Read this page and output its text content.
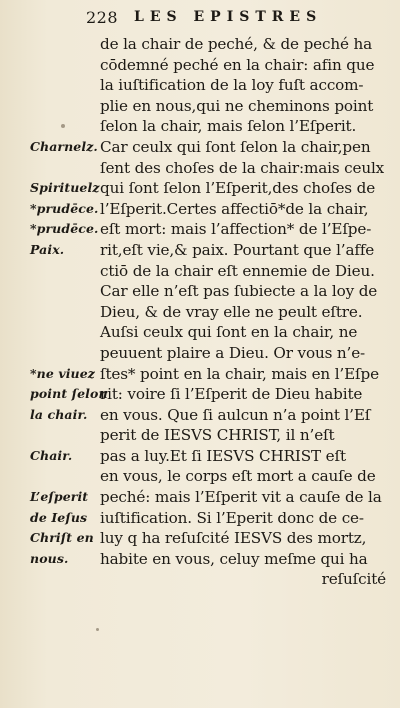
228 LES EPISTRES
de la chair de peché, & de peché ha
cōdemné peché en la chair: afin que
la iuſtification de la loy fuſt accom-
plie en nous,qui ne cheminons point
ſelon la chair, mais ſelon l’Eſperit.
Charnelz. Car ceulx qui ſont ſelon la chair,pen
ſent des choſes de la chair:mais ceulx
Spirituelz qui ſont ſelon l’Eſperit,des choſes de
*prudēce. l’Eſperit.Certes affectiō*de la chair,
*prudēce. eſt mort: mais l’affection* de l’Eſpe-
Paix.	rit,eſt vie,& paix. Pourtant que l’affe
ctiō de la chair eſt ennemie de Dieu.
Car elle n’eſt pas ſubiecte a la loy de
Dieu, & de vray elle ne peult eſtre.
Auſsi ceulx qui ſont en la chair, ne
peuuent plaire a Dieu. Or vous n’e-
*ne viuez ſtes* point en la chair, mais en l’Eſpe
point ſelon
rit: voire ſi l’Eſperit de Dieu habite
la chair. en vous. Que ſi aulcun n’a point l’Eſ
perit de IESVS CHRIST, il n’eſt
Chair.	pas a luy.Et ſi IESVS CHRIST eſt
en vous, le corps eſt mort a cauſe de
L’eſperit peché: mais l’Eſperit vit a cauſe de la
de Ieſus iuſtification. Si l’Eperit donc de ce-
Chriſt en luy q ha reſuſcité IESVS des mortz,
nous.	habite en vous, celuy meſme qui ha
reſuſcité
